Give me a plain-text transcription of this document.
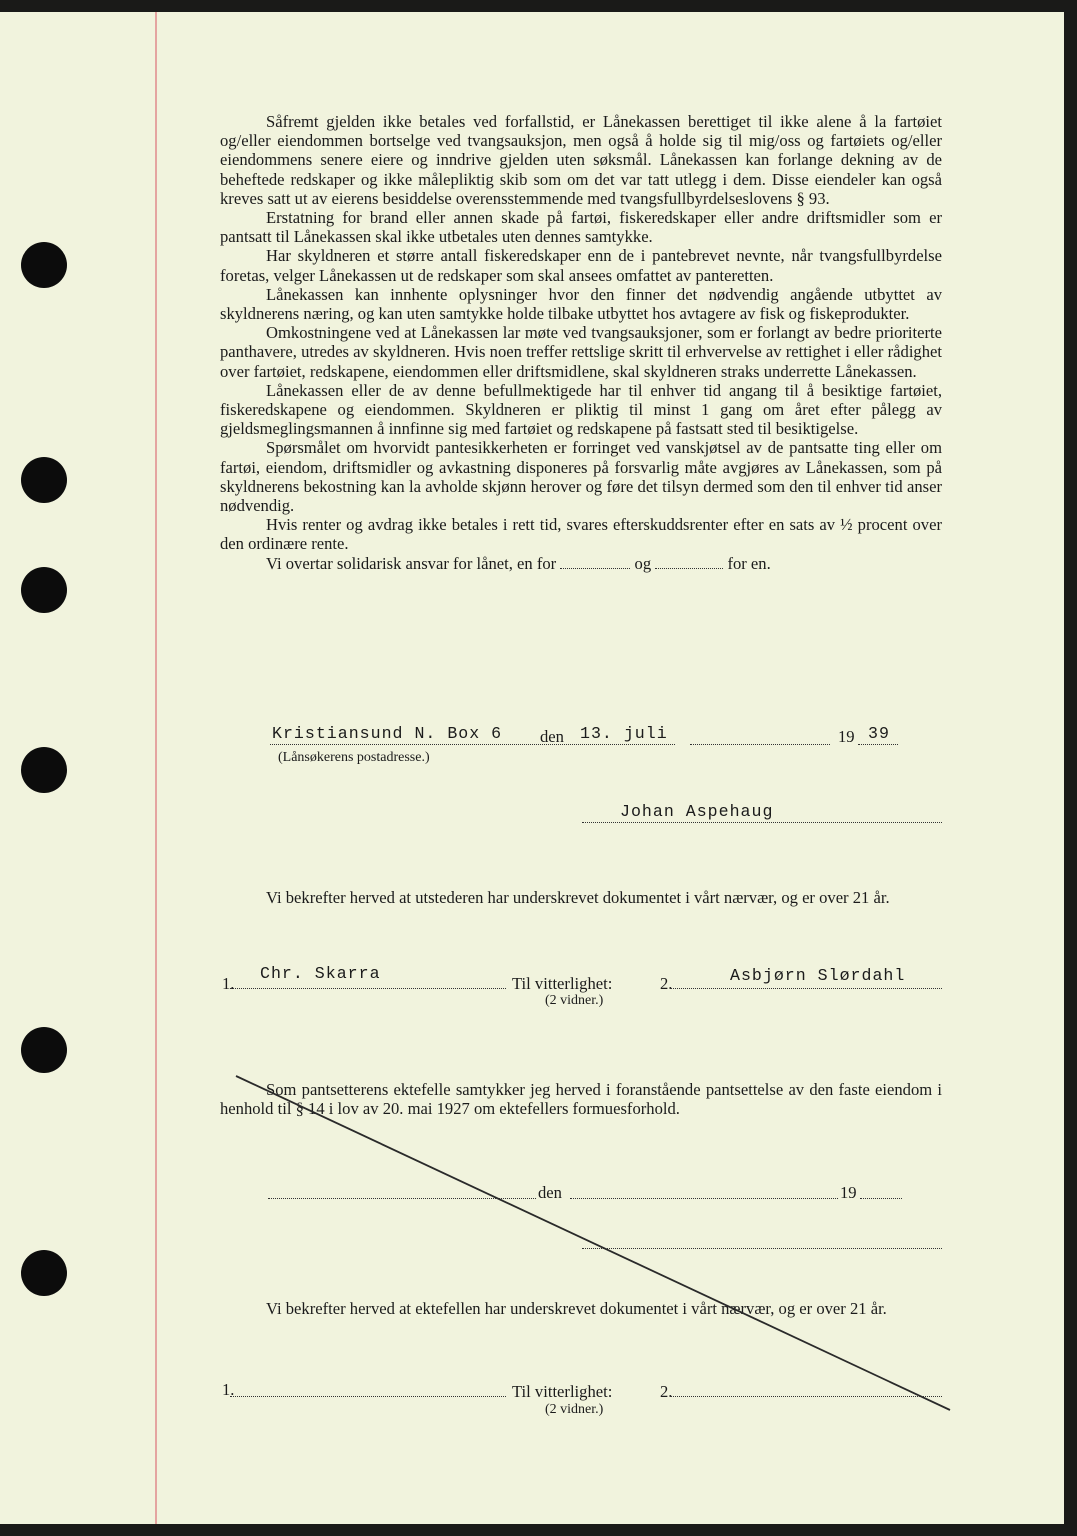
Såfremt gjelden ikke betales ved forfallstid, er Lånekassen berettiget til ikke alene å la fartøiet og/eller eiendommen bortselge ved tvangsauksjon, men også å holde sig til mig/oss og fartøiets og/eller eiendommens senere eiere og inndrive gjelden uten søksmål. Lånekassen kan forlange dekning av de beheftede redskaper og ikke målepliktig skib som om det var tatt utlegg i dem. Disse eiendeler kan også kreves satt ut av eierens besiddelse overensstemmende med tvangsfullbyrdelseslovens § 93.

Erstatning for brand eller annen skade på fartøi, fiskeredskaper eller andre driftsmidler som er pantsatt til Lånekassen skal ikke utbetales uten dennes samtykke.

Har skyldneren et større antall fiskeredskaper enn de i pantebrevet nevnte, når tvangsfullbyrdelse foretas, velger Lånekassen ut de redskaper som skal ansees omfattet av panteretten.

Lånekassen kan innhente oplysninger hvor den finner det nødvendig angående utbyttet av skyldnerens næring, og kan uten samtykke holde tilbake utbyttet hos avtagere av fisk og fiskeprodukter.

Omkostningene ved at Lånekassen lar møte ved tvangsauksjoner, som er forlangt av bedre prioriterte panthavere, utredes av skyldneren. Hvis noen treffer rettslige skritt til erhvervelse av rettighet i eller rådighet over fartøiet, redskapene, eiendommen eller driftsmidlene, skal skyldneren straks underrette Lånekassen.

Lånekassen eller de av denne befullmektigede har til enhver tid angang til å besiktige fartøiet, fiskeredskapene og eiendommen. Skyldneren er pliktig til minst 1 gang om året efter pålegg av gjeldsmeglingsmannen å innfinne sig med fartøiet og redskapene på fastsatt sted til besiktigelse.

Spørsmålet om hvorvidt pantesikkerheten er forringet ved vanskjøtsel av de pantsatte ting eller om fartøi, eiendom, driftsmidler og avkastning disponeres på forsvarlig måte avgjøres av Lånekassen, som på skyldnerens bekostning kan la avholde skjønn herover og føre det tilsyn dermed som den til enhver tid anser nødvendig.

Hvis renter og avdrag ikke betales i rett tid, svares efterskuddsrenter efter en sats av ½ procent over den ordinære rente.

Vi overtar solidarisk ansvar for lånet, en for	og	for en.

Kristiansund N. Box 6 den 13. juli	19 39
(Lånsøkerens postadresse.)
Johan Aspehaug

Vi bekrefter herved at utstederen har underskrevet dokumentet i vårt nærvær, og er over 21 år.

1.
Chr. Skarra
Til vitterlighet:	2.	Asbjørn Slørdahl
(2 vidner.)

Som pantsetterens ektefelle samtykker jeg herved i foranstående pantsettelse av den faste eiendom i henhold til § 14 i lov av 20. mai 1927 om ektefellers formuesforhold.

den	19

Vi bekrefter herved at ektefellen har underskrevet dokumentet i vårt nærvær, og er over 21 år.

1.	Til vitterlighet:	2.
(2 vidner.)
